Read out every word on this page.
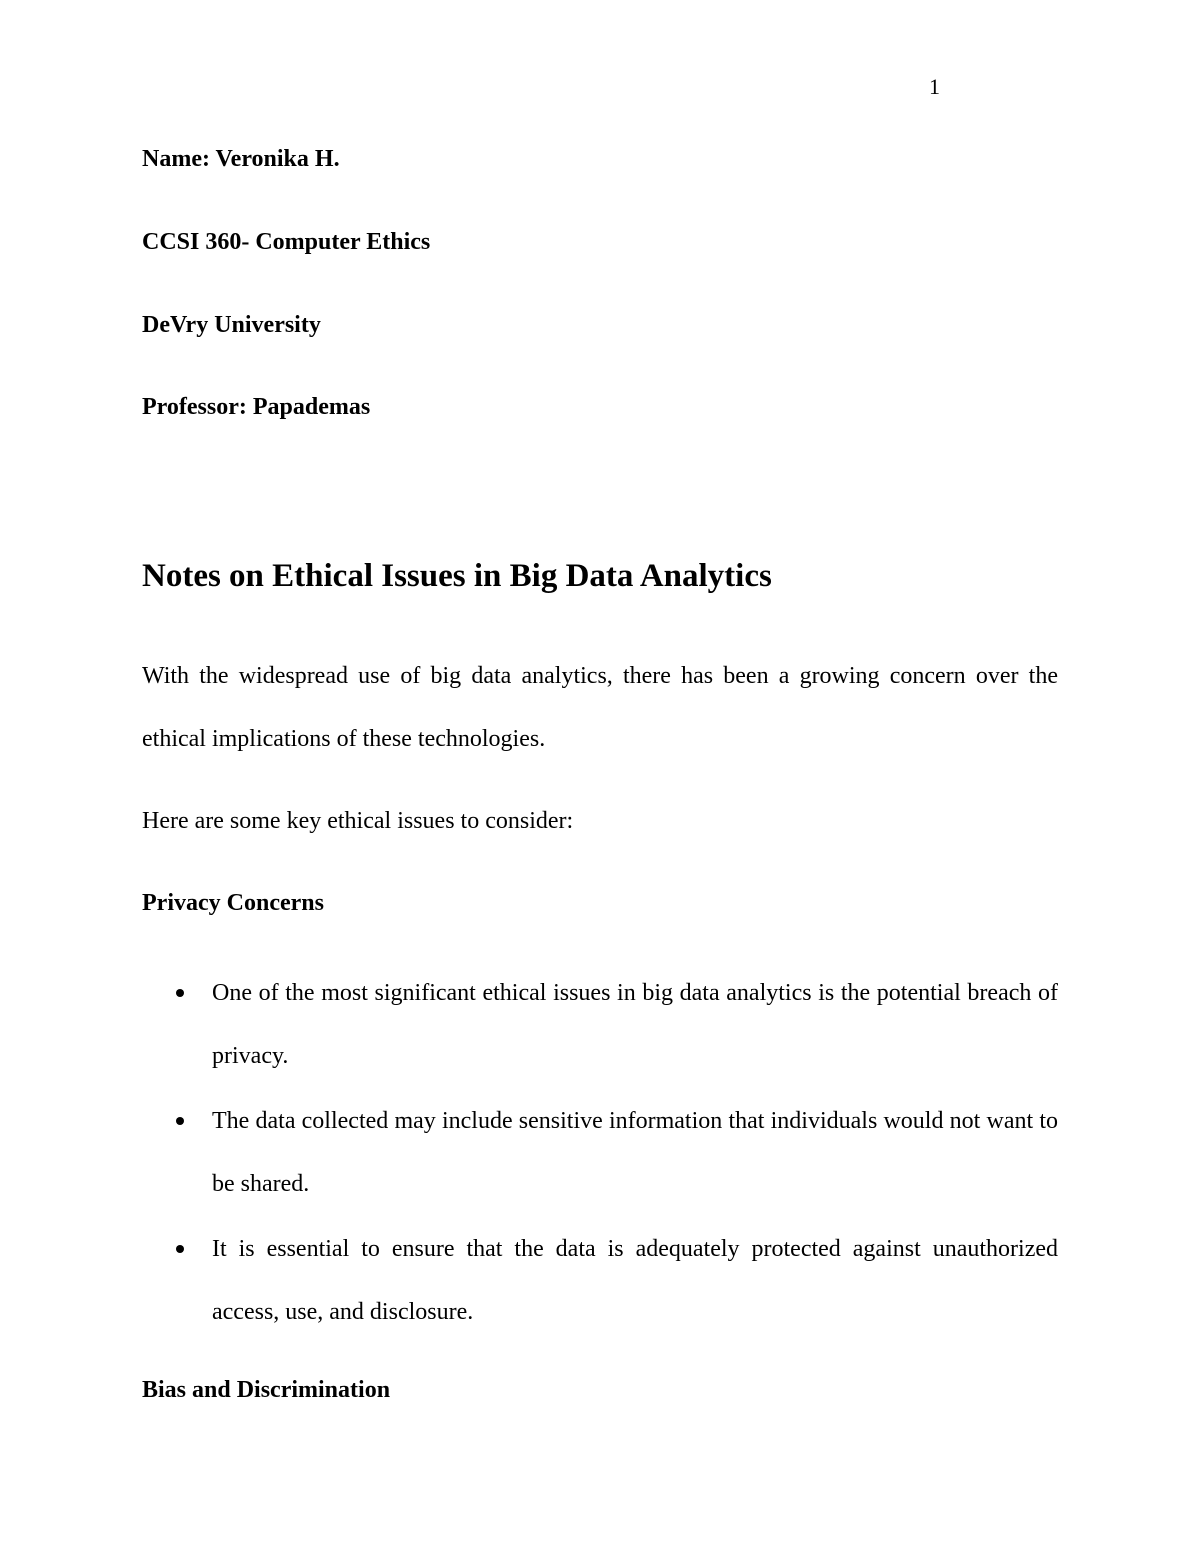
1
Name: Veronika H.
CCSI 360- Computer Ethics
DeVry University
Professor: Papademas
Notes on Ethical Issues in Big Data Analytics
With the widespread use of big data analytics, there has been a growing concern over the ethical implications of these technologies.
Here are some key ethical issues to consider:
Privacy Concerns
One of the most significant ethical issues in big data analytics is the potential breach of privacy.
The data collected may include sensitive information that individuals would not want to be shared.
It is essential to ensure that the data is adequately protected against unauthorized access, use, and disclosure.
Bias and Discrimination
